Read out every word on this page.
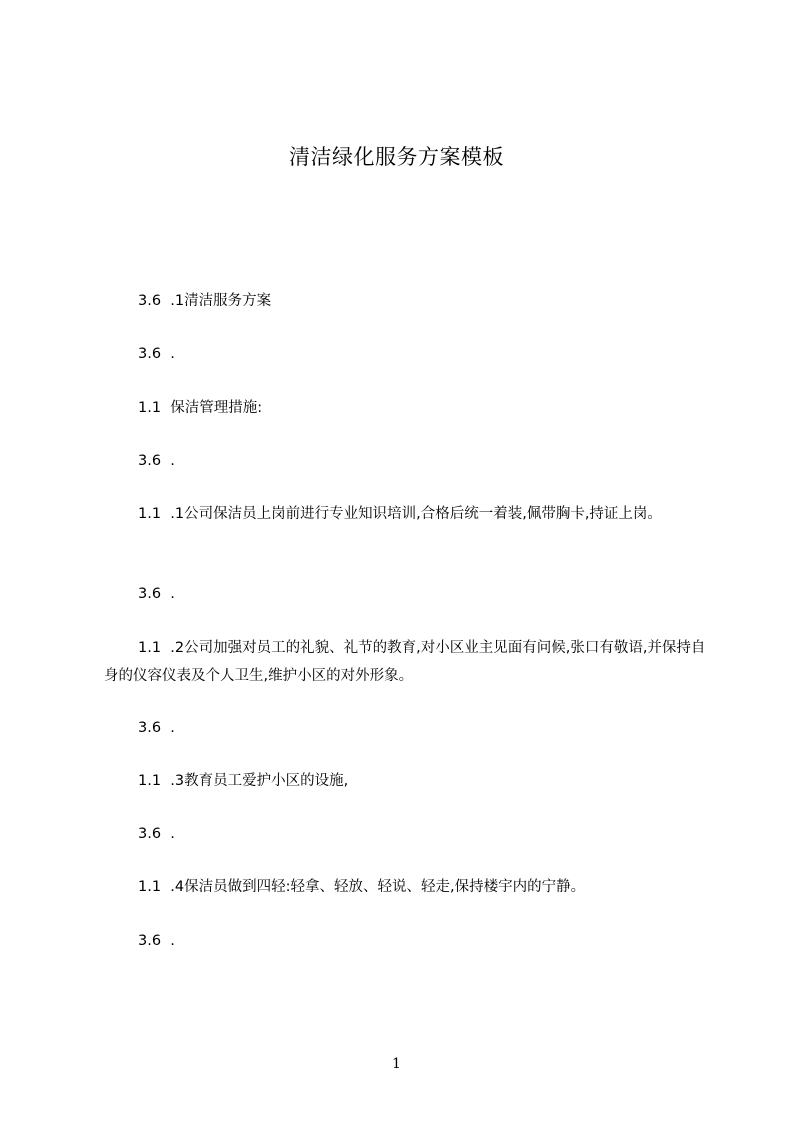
清洁绿化服务方案模板
3.6  .1清洁服务方案
3.6  .
1.1  保洁管理措施:
3.6  .
1.1  .1公司保洁员上岗前进行专业知识培训,合格后统一着装,佩带胸卡,持证上岗。
3.6  .
1.1  .2公司加强对员工的礼貌、礼节的教育,对小区业主见面有问候,张口有敬语,并保持自身的仪容仪表及个人卫生,维护小区的对外形象。
3.6  .
1.1  .3教育员工爱护小区的设施,
3.6  .
1.1  .4保洁员做到四轻:轻拿、轻放、轻说、轻走,保持楼宇内的宁静。
3.6  .
1
